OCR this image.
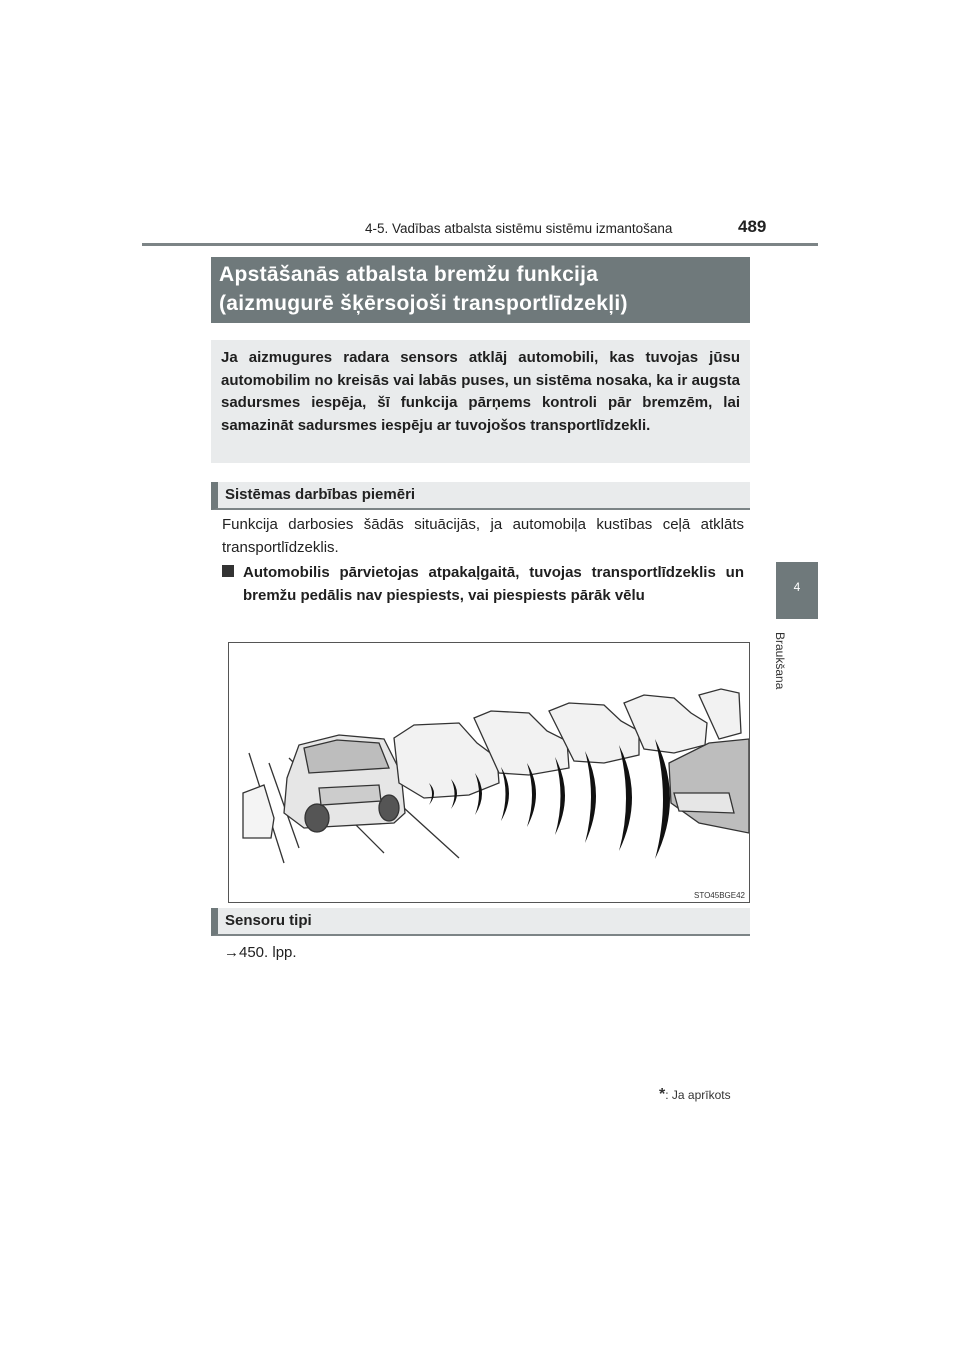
4-5. Vadības atbalsta sistēmu sistēmu izmantošana	489
4
Braukšana
Apstāšanās atbalsta bremžu funkcija
(aizmugurē šķērsojoši transportlīdzekļi)
Ja aizmugures radara sensors atklāj automobili, kas tuvojas jūsu automobilim no kreisās vai labās puses, un sistēma nosaka, ka ir augsta sadursmes iespēja, šī funkcija pārņems kontroli pār bremzēm, lai samazināt sadursmes iespēju ar tuvojošos transportlīdzekli.
Sistēmas darbības piemēri
Funkcija darbosies šādās situācijās, ja automobiļa kustības ceļā atklāts transportlīdzeklis.
Automobilis pārvietojas atpakaļgaitā, tuvojas transportlīdzeklis un bremžu pedālis nav piespiests, vai piespiests pārāk vēlu
STO45BGE42
Sensoru tipi
→450. lpp.
*: Ja aprīkots
